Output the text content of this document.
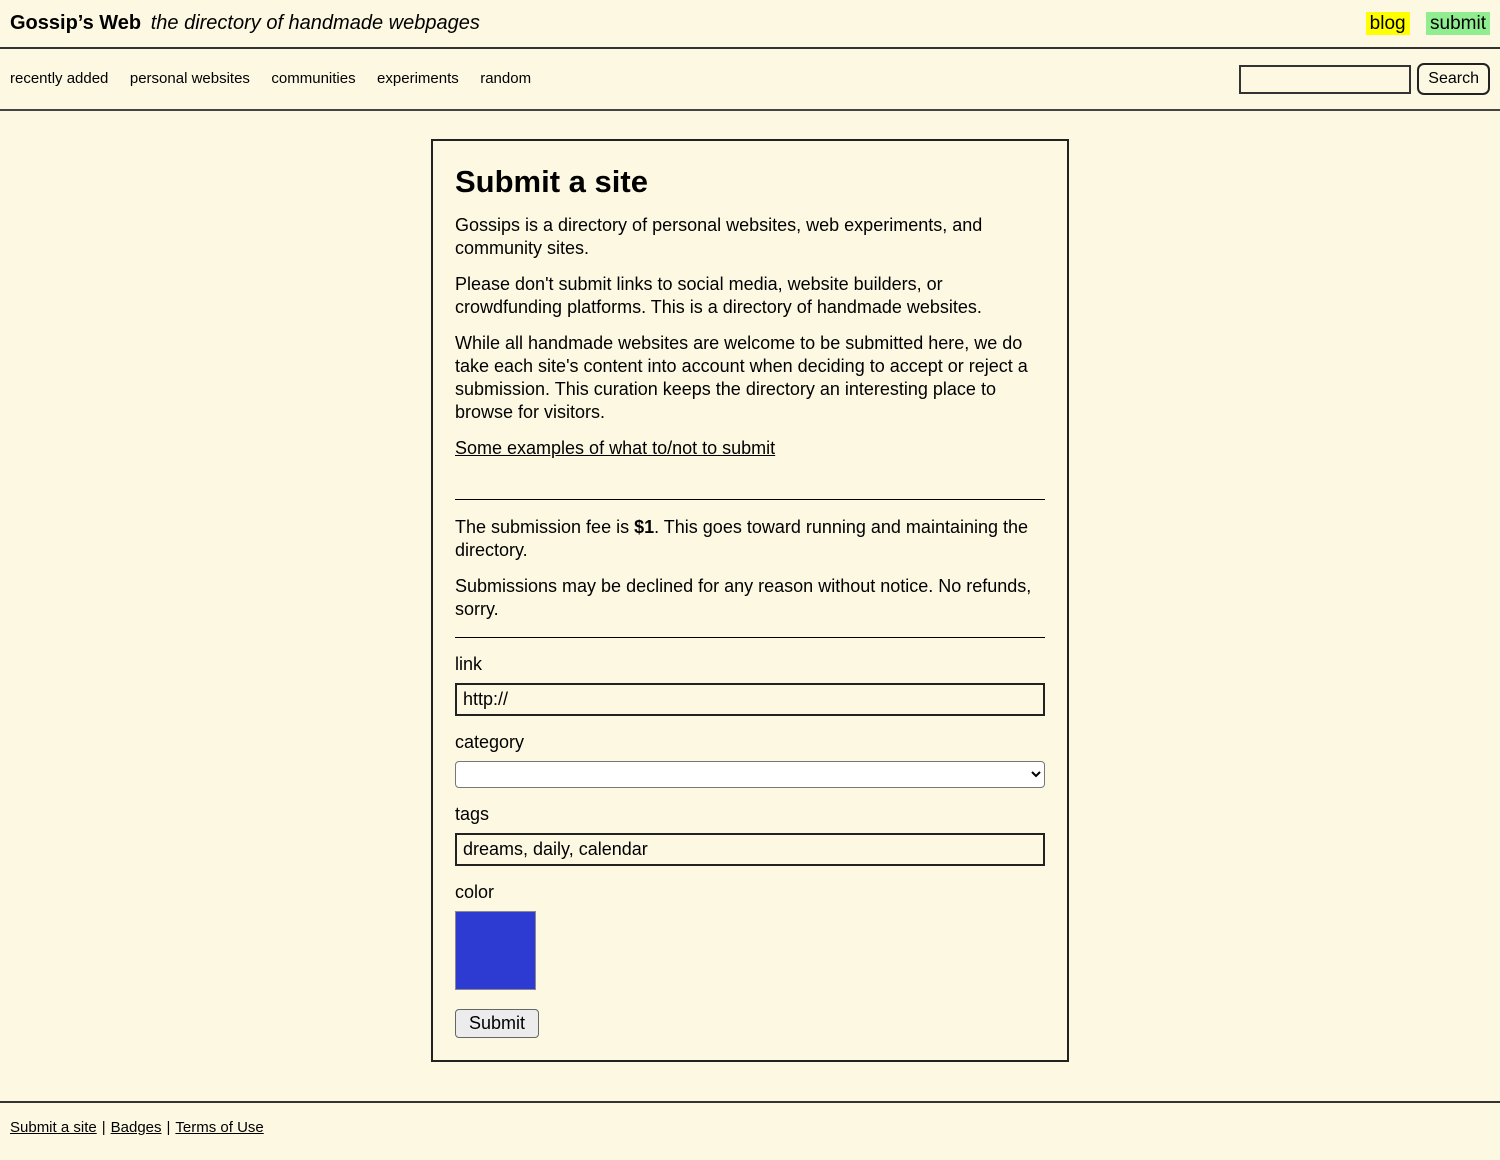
Gossip’s Web the directory of handmade webpages	blog submit
recently added personal websites communities experiments random	Search
Submit a site

Gossips is a directory of personal websites, web experiments, and community sites.

Please don't submit links to social media, website builders, or crowdfunding platforms. This is a directory of handmade websites.

While all handmade websites are welcome to be submitted here, we do take each site's content into account when deciding to accept or reject a submission. This curation keeps the directory an interesting place to browse for visitors.

Some examples of what to/not to submit

The submission fee is $1. This goes toward running and maintaining the directory.

Submissions may be declined for any reason without notice. No refunds, sorry.

link
http://
category
tags
dreams, daily, calendar
color
Submit
Submit a site | Badges | Terms of Use
